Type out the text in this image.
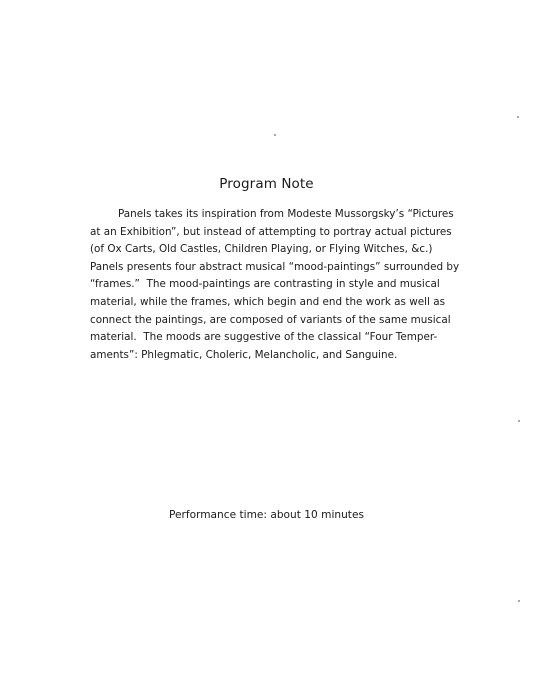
Program Note
Panels takes its inspiration from Modeste Mussorgsky’s “Pictures
at an Exhibition”, but instead of attempting to portray actual pictures
(of Ox Carts, Old Castles, Children Playing, or Flying Witches, &c.)
Panels presents four abstract musical “mood-paintings” surrounded by
“frames.”  The mood-paintings are contrasting in style and musical
material, while the frames, which begin and end the work as well as
connect the paintings, are composed of variants of the same musical
material.  The moods are suggestive of the classical “Four Temper-
aments”: Phlegmatic, Choleric, Melancholic, and Sanguine.
Performance time: about 10 minutes
